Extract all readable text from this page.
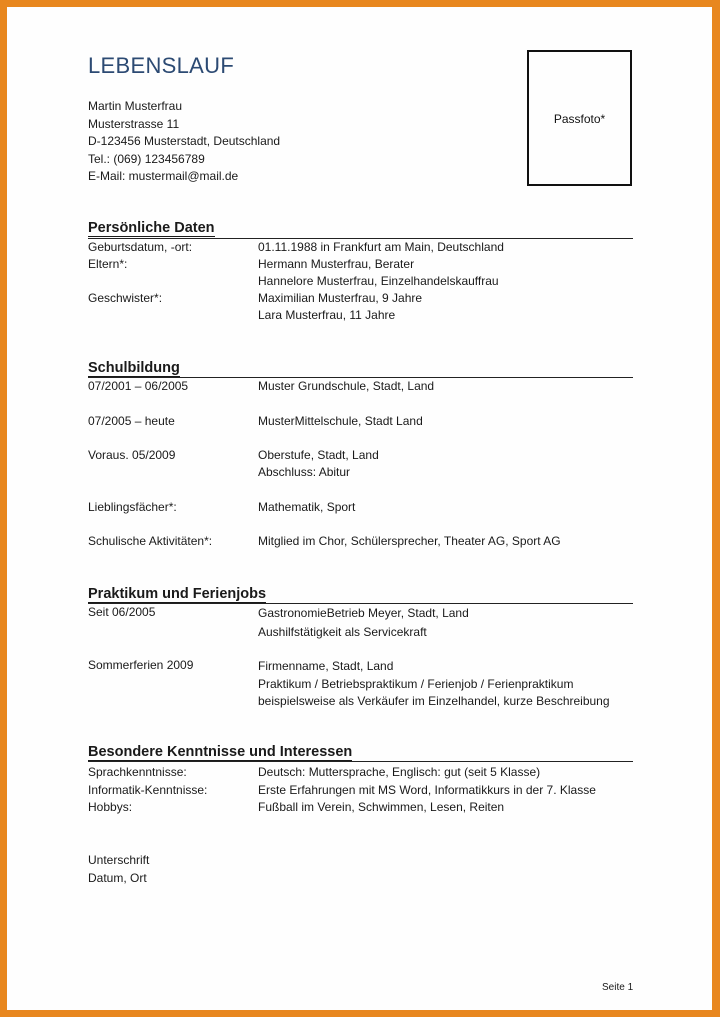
LEBENSLAUF
Martin Musterfrau
Musterstrasse 11
D-123456 Musterstadt, Deutschland
Tel.: (069) 123456789
E-Mail: mustermail@mail.de
Passfoto*
Persönliche Daten
Geburtsdatum, -ort:	01.11.1988 in Frankfurt am Main, Deutschland
Eltern*:	Hermann Musterfrau, Berater
Hannelore Musterfrau, Einzelhandelskauffrau
Geschwister*:	Maximilian Musterfrau, 9 Jahre
Lara Musterfrau, 11 Jahre
Schulbildung
07/2001 – 06/2005	Muster Grundschule, Stadt, Land
07/2005 – heute	MusterMittelschule, Stadt Land
Voraus. 05/2009	Oberstufe, Stadt, Land
Abschluss: Abitur
Lieblingsfächer*:	Mathematik, Sport
Schulische Aktivitäten*:	Mitglied im Chor, Schülersprecher, Theater AG, Sport AG
Praktikum und Ferienjobs
Seit 06/2005	GastronomieBetrieb Meyer, Stadt, Land
Aushilfstätigkeit als Servicekraft
Sommerferien 2009	Firmenname, Stadt, Land
Praktikum / Betriebspraktikum / Ferienjob / Ferienpraktikum
beispielsweise als Verkäufer im Einzelhandel, kurze Beschreibung
Besondere Kenntnisse und Interessen
Sprachkenntnisse:	Deutsch: Muttersprache, Englisch: gut (seit 5 Klasse)
Informatik-Kenntnisse:	Erste Erfahrungen mit MS Word, Informatikkurs in der 7. Klasse
Hobbys:	Fußball im Verein, Schwimmen, Lesen, Reiten
Unterschrift
Datum, Ort
Seite 1
